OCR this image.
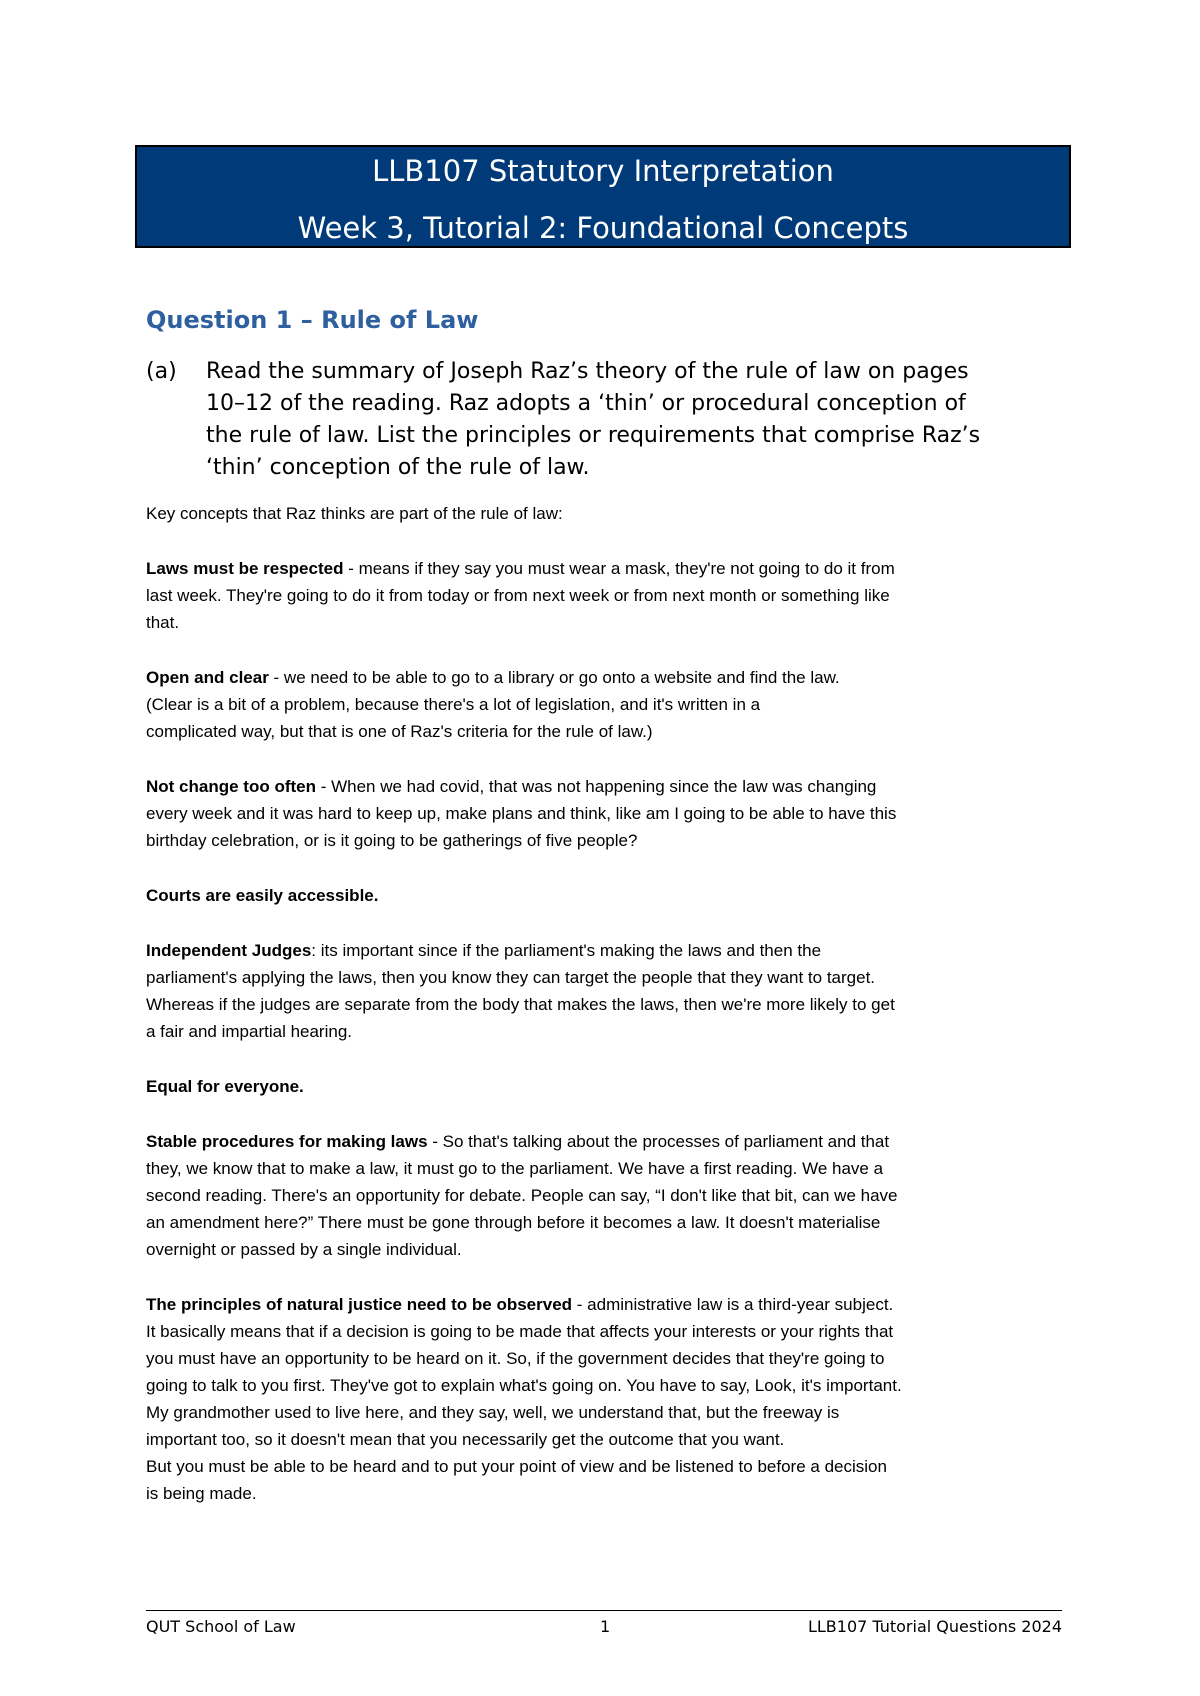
LLB107 Statutory Interpretation
Week 3, Tutorial 2: Foundational Concepts
Question 1 – Rule of Law
(a) Read the summary of Joseph Raz’s theory of the rule of law on pages
10–12 of the reading. Raz adopts a ‘thin’ or procedural conception of
the rule of law. List the principles or requirements that comprise Raz’s
‘thin’ conception of the rule of law.
Key concepts that Raz thinks are part of the rule of law:
Laws must be respected - means if they say you must wear a mask, they're not going to do it from
last week. They're going to do it from today or from next week or from next month or something like
that.
Open and clear - we need to be able to go to a library or go onto a website and find the law.
(Clear is a bit of a problem, because there's a lot of legislation, and it's written in a
complicated way, but that is one of Raz's criteria for the rule of law.)
Not change too often - When we had covid, that was not happening since the law was changing
every week and it was hard to keep up, make plans and think, like am I going to be able to have this
birthday celebration, or is it going to be gatherings of five people?
Courts are easily accessible.
Independent Judges: its important since if the parliament's making the laws and then the
parliament's applying the laws, then you know they can target the people that they want to target.
Whereas if the judges are separate from the body that makes the laws, then we're more likely to get
a fair and impartial hearing.
Equal for everyone.
Stable procedures for making laws - So that's talking about the processes of parliament and that
they, we know that to make a law, it must go to the parliament. We have a first reading. We have a
second reading. There's an opportunity for debate. People can say, “I don't like that bit, can we have
an amendment here?” There must be gone through before it becomes a law. It doesn't materialise
overnight or passed by a single individual.
The principles of natural justice need to be observed - administrative law is a third-year subject.
It basically means that if a decision is going to be made that affects your interests or your rights that
you must have an opportunity to be heard on it. So, if the government decides that they're going to
going to talk to you first. They've got to explain what's going on. You have to say, Look, it's important.
My grandmother used to live here, and they say, well, we understand that, but the freeway is
important too, so it doesn't mean that you necessarily get the outcome that you want.
But you must be able to be heard and to put your point of view and be listened to before a decision
is being made.
QUT School of Law	1	LLB107 Tutorial Questions 2024
